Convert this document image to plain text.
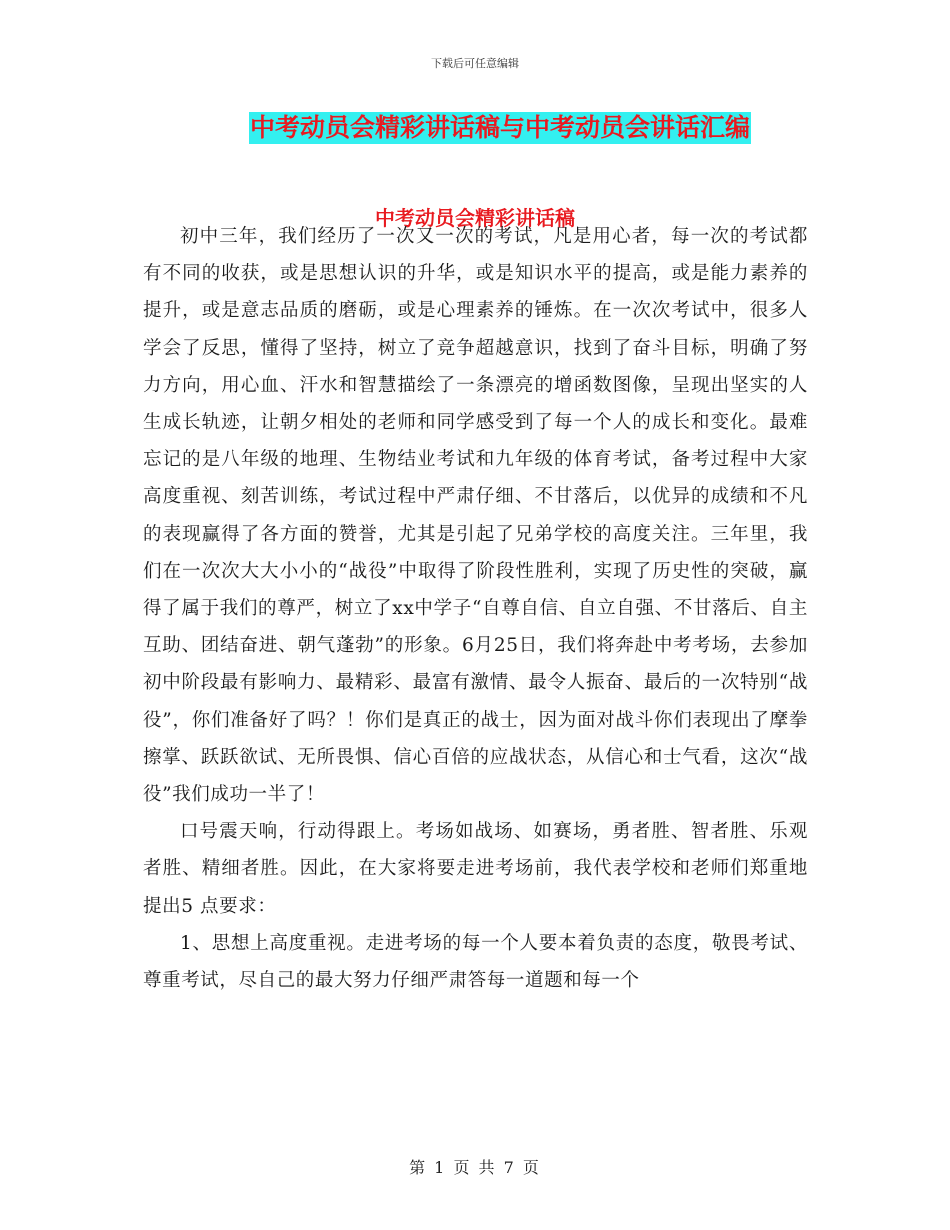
下载后可任意编辑
中考动员会精彩讲话稿与中考动员会讲话汇编
中考动员会精彩讲话稿

初中三年，我们经历了一次又一次的考试，凡是用心者，每一次的考试都有不同的收获，或是思想认识的升华，或是知识水平的提高，或是能力素养的提升，或是意志品质的磨砺，或是心理素养的锤炼。在一次次考试中，很多人学会了反思，懂得了坚持，树立了竞争超越意识，找到了奋斗目标，明确了努力方向，用心血、汗水和智慧描绘了一条漂亮的增函数图像，呈现出坚实的人生成长轨迹，让朝夕相处的老师和同学感受到了每一个人的成长和变化。最难忘记的是八年级的地理、生物结业考试和九年级的体育考试，备考过程中大家高度重视、刻苦训练，考试过程中严肃仔细、不甘落后，以优异的成绩和不凡的表现赢得了各方面的赞誉，尤其是引起了兄弟学校的高度关注。三年里，我们在一次次大大小小的“战役”中取得了阶段性胜利，实现了历史性的突破，赢得了属于我们的尊严，树立了xx中学子“自尊自信、自立自强、不甘落后、自主互助、团结奋进、朝气蓬勃”的形象。6月25日，我们将奔赴中考考场，去参加初中阶段最有影响力、最精彩、最富有激情、最令人振奋、最后的一次特别“战役”，你们准备好了吗？！你们是真正的战士，因为面对战斗你们表现出了摩拳擦掌、跃跃欲试、无所畏惧、信心百倍的应战状态，从信心和士气看，这次“战役”我们成功一半了！

口号震天响，行动得跟上。考场如战场、如赛场，勇者胜、智者胜、乐观者胜、精细者胜。因此，在大家将要走进考场前，我代表学校和老师们郑重地提出5 点要求：

1、思想上高度重视。走进考场的每一个人要本着负责的态度，敬畏考试、尊重考试，尽自己的最大努力仔细严肃答每一道题和每一个

第 1 页 共 7 页
